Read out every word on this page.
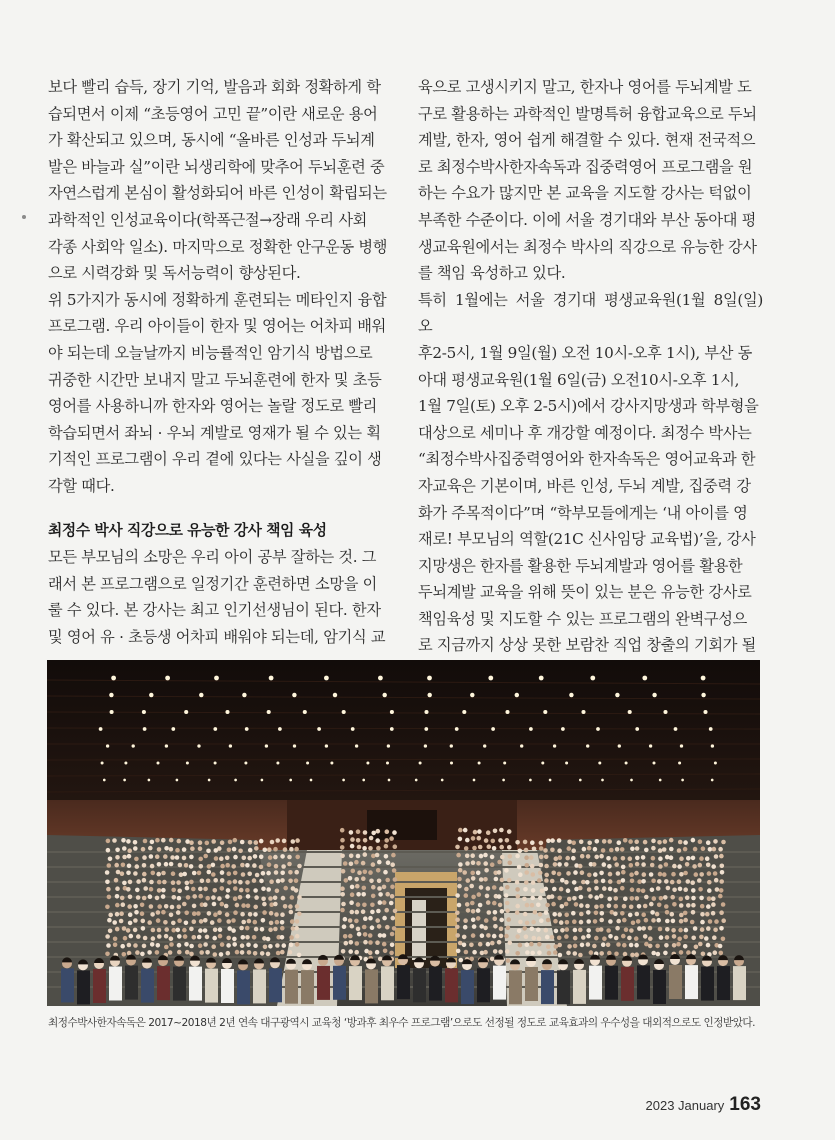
보다 빨리 습득, 장기 기억, 발음과 회화 정확하게 학

습되면서 이제 “초등영어 고민 끝”이란 새로운 용어

가 확산되고 있으며, 동시에 “올바른 인성과 두뇌계

발은 바늘과 실”이란 뇌생리학에 맞추어 두뇌훈련 중

자연스럽게 본심이 활성화되어 바른 인성이 확립되는

과학적인 인성교육이다(학폭근절→장래 우리 사회

각종 사회악 일소). 마지막으로 정확한 안구운동 병행

으로 시력강화 및 독서능력이 향상된다.

위 5가지가 동시에 정확하게 훈련되는 메타인지 융합

프로그램. 우리 아이들이 한자 및 영어는 어차피 배워

야 되는데 오늘날까지 비능률적인 암기식 방법으로

귀중한 시간만 보내지 말고 두뇌훈련에 한자 및 초등

영어를 사용하니까 한자와 영어는 놀랄 정도로 빨리

학습되면서 좌뇌 · 우뇌 계발로 영재가 될 수 있는 획

기적인 프로그램이 우리 곁에 있다는 사실을 깊이 생

각할 때다.

최정수 박사 직강으로 유능한 강사 책임 육성

모든 부모님의 소망은 우리 아이 공부 잘하는 것. 그

래서 본 프로그램으로 일정기간 훈련하면 소망을 이

룰 수 있다. 본 강사는 최고 인기선생님이 된다. 한자

및 영어 유 · 초등생 어차피 배워야 되는데, 암기식 교

육으로 고생시키지 말고, 한자나 영어를 두뇌계발 도

구로 활용하는 과학적인 발명특허 융합교육으로 두뇌

계발, 한자, 영어 쉽게 해결할 수 있다. 현재 전국적으

로 최정수박사한자속독과 집중력영어 프로그램을 원

하는 수요가 많지만 본 교육을 지도할 강사는 턱없이

부족한 수준이다. 이에 서울 경기대와 부산 동아대 평

생교육원에서는 최정수 박사의 직강으로 유능한 강사

를 책임 육성하고 있다.

특히 1월에는 서울 경기대 평생교육원(1월 8일(일) 오

후2-5시, 1월 9일(월) 오전 10시-오후 1시), 부산 동

아대 평생교육원(1월 6일(금) 오전10시-오후 1시,

1월 7일(토) 오후 2-5시)에서 강사지망생과 학부형을

대상으로 세미나 후 개강할 예정이다. 최정수 박사는

“최정수박사집중력영어와 한자속독은 영어교육과 한

자교육은 기본이며, 바른 인성, 두뇌 계발, 집중력 강

화가 주목적이다”며 “학부모들에게는 ‘내 아이를 영

재로! 부모님의 역할(21C 신사임당 교육법)’을, 강사

지망생은 한자를 활용한 두뇌계발과 영어를 활용한

두뇌계발 교육을 위해 뜻이 있는 분은 유능한 강사로

책임육성 및 지도할 수 있는 프로그램의 완벽구성으

로 지금까지 상상 못한 보람찬 직업 창출의 기회가 될

최정수박사한자속독은 2017~2018년 2년 연속 대구광역시 교육청 ‘방과후 최우수 프로그램’으로도 선정될 정도로 교육효과의 우수성을 대외적으로도 인정받았다.
2023 January 163
